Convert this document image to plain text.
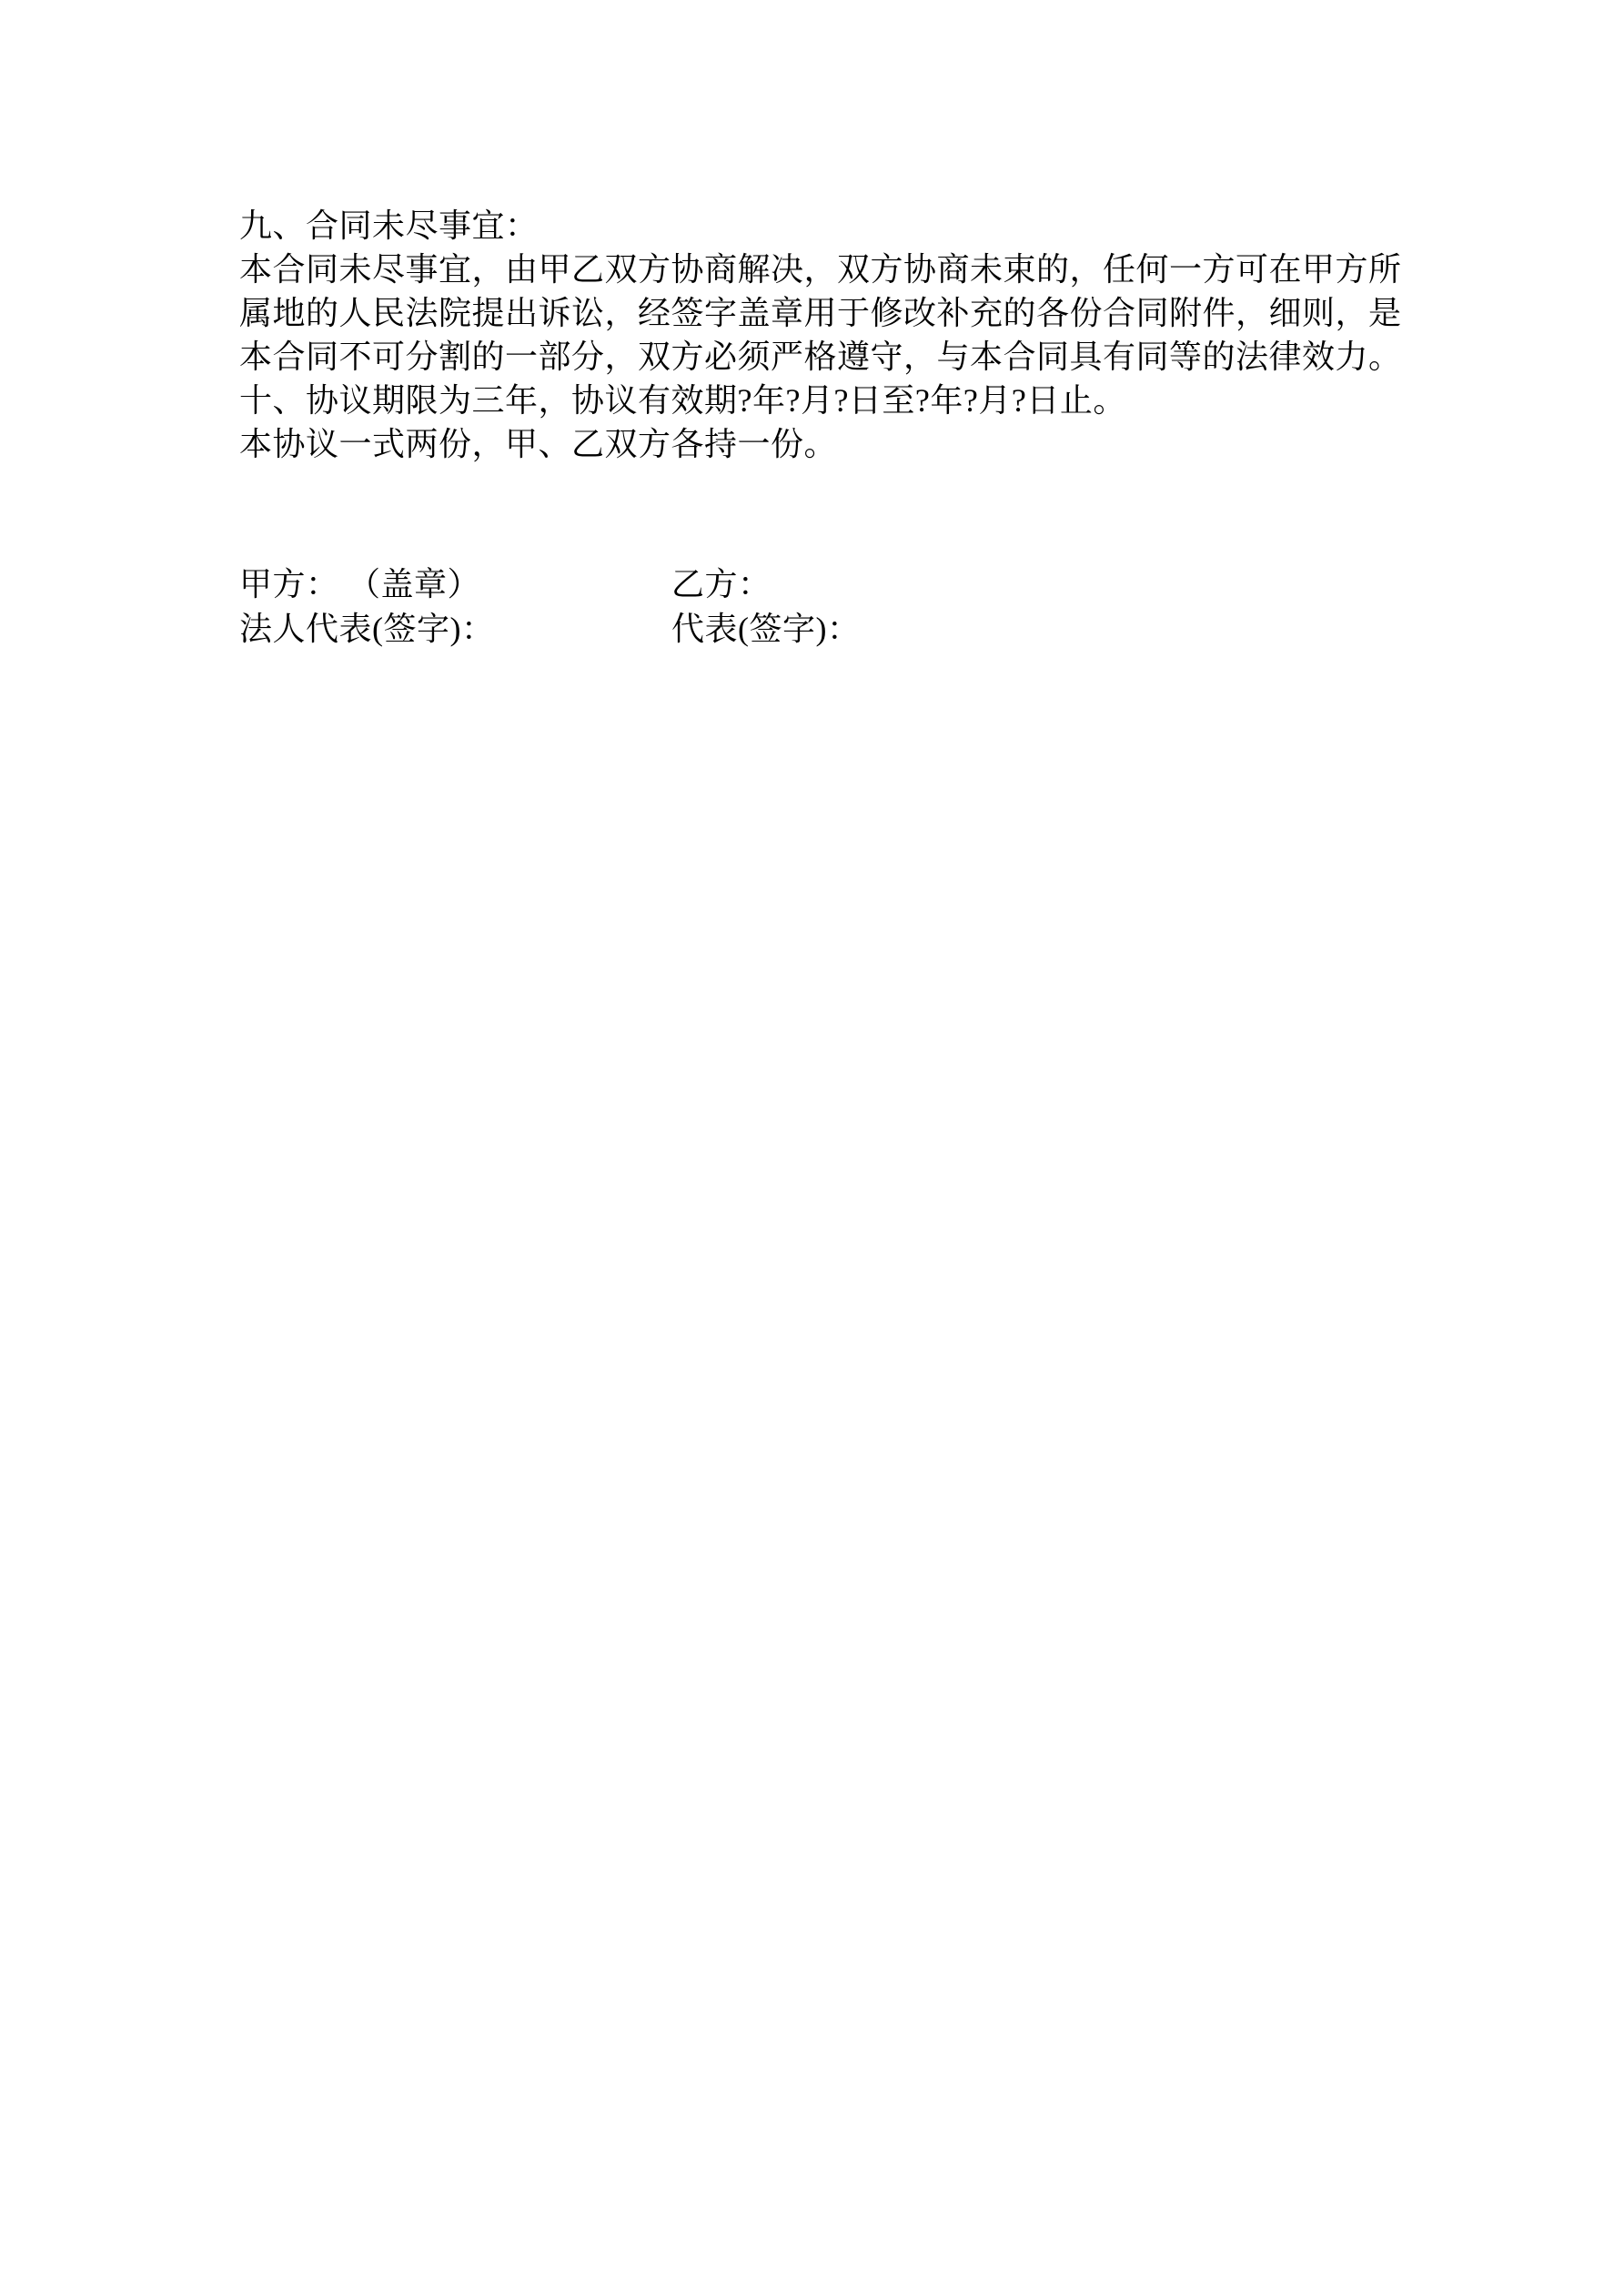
九、合同未尽事宜：
本合同未尽事宜，由甲乙双方协商解决，双方协商未束的，任何一方可在甲方所
属地的人民法院提出诉讼，经签字盖章用于修改补充的各份合同附件，细则，是
本合同不可分割的一部分，双方必须严格遵守，与本合同具有同等的法律效力。
十、协议期限为三年，协议有效期?年?月?日至?年?月?日止。
本协议一式两份，甲、乙双方各持一份。
甲方： （盖章）	乙方：
法人代表(签字)：	代表(签字)：
